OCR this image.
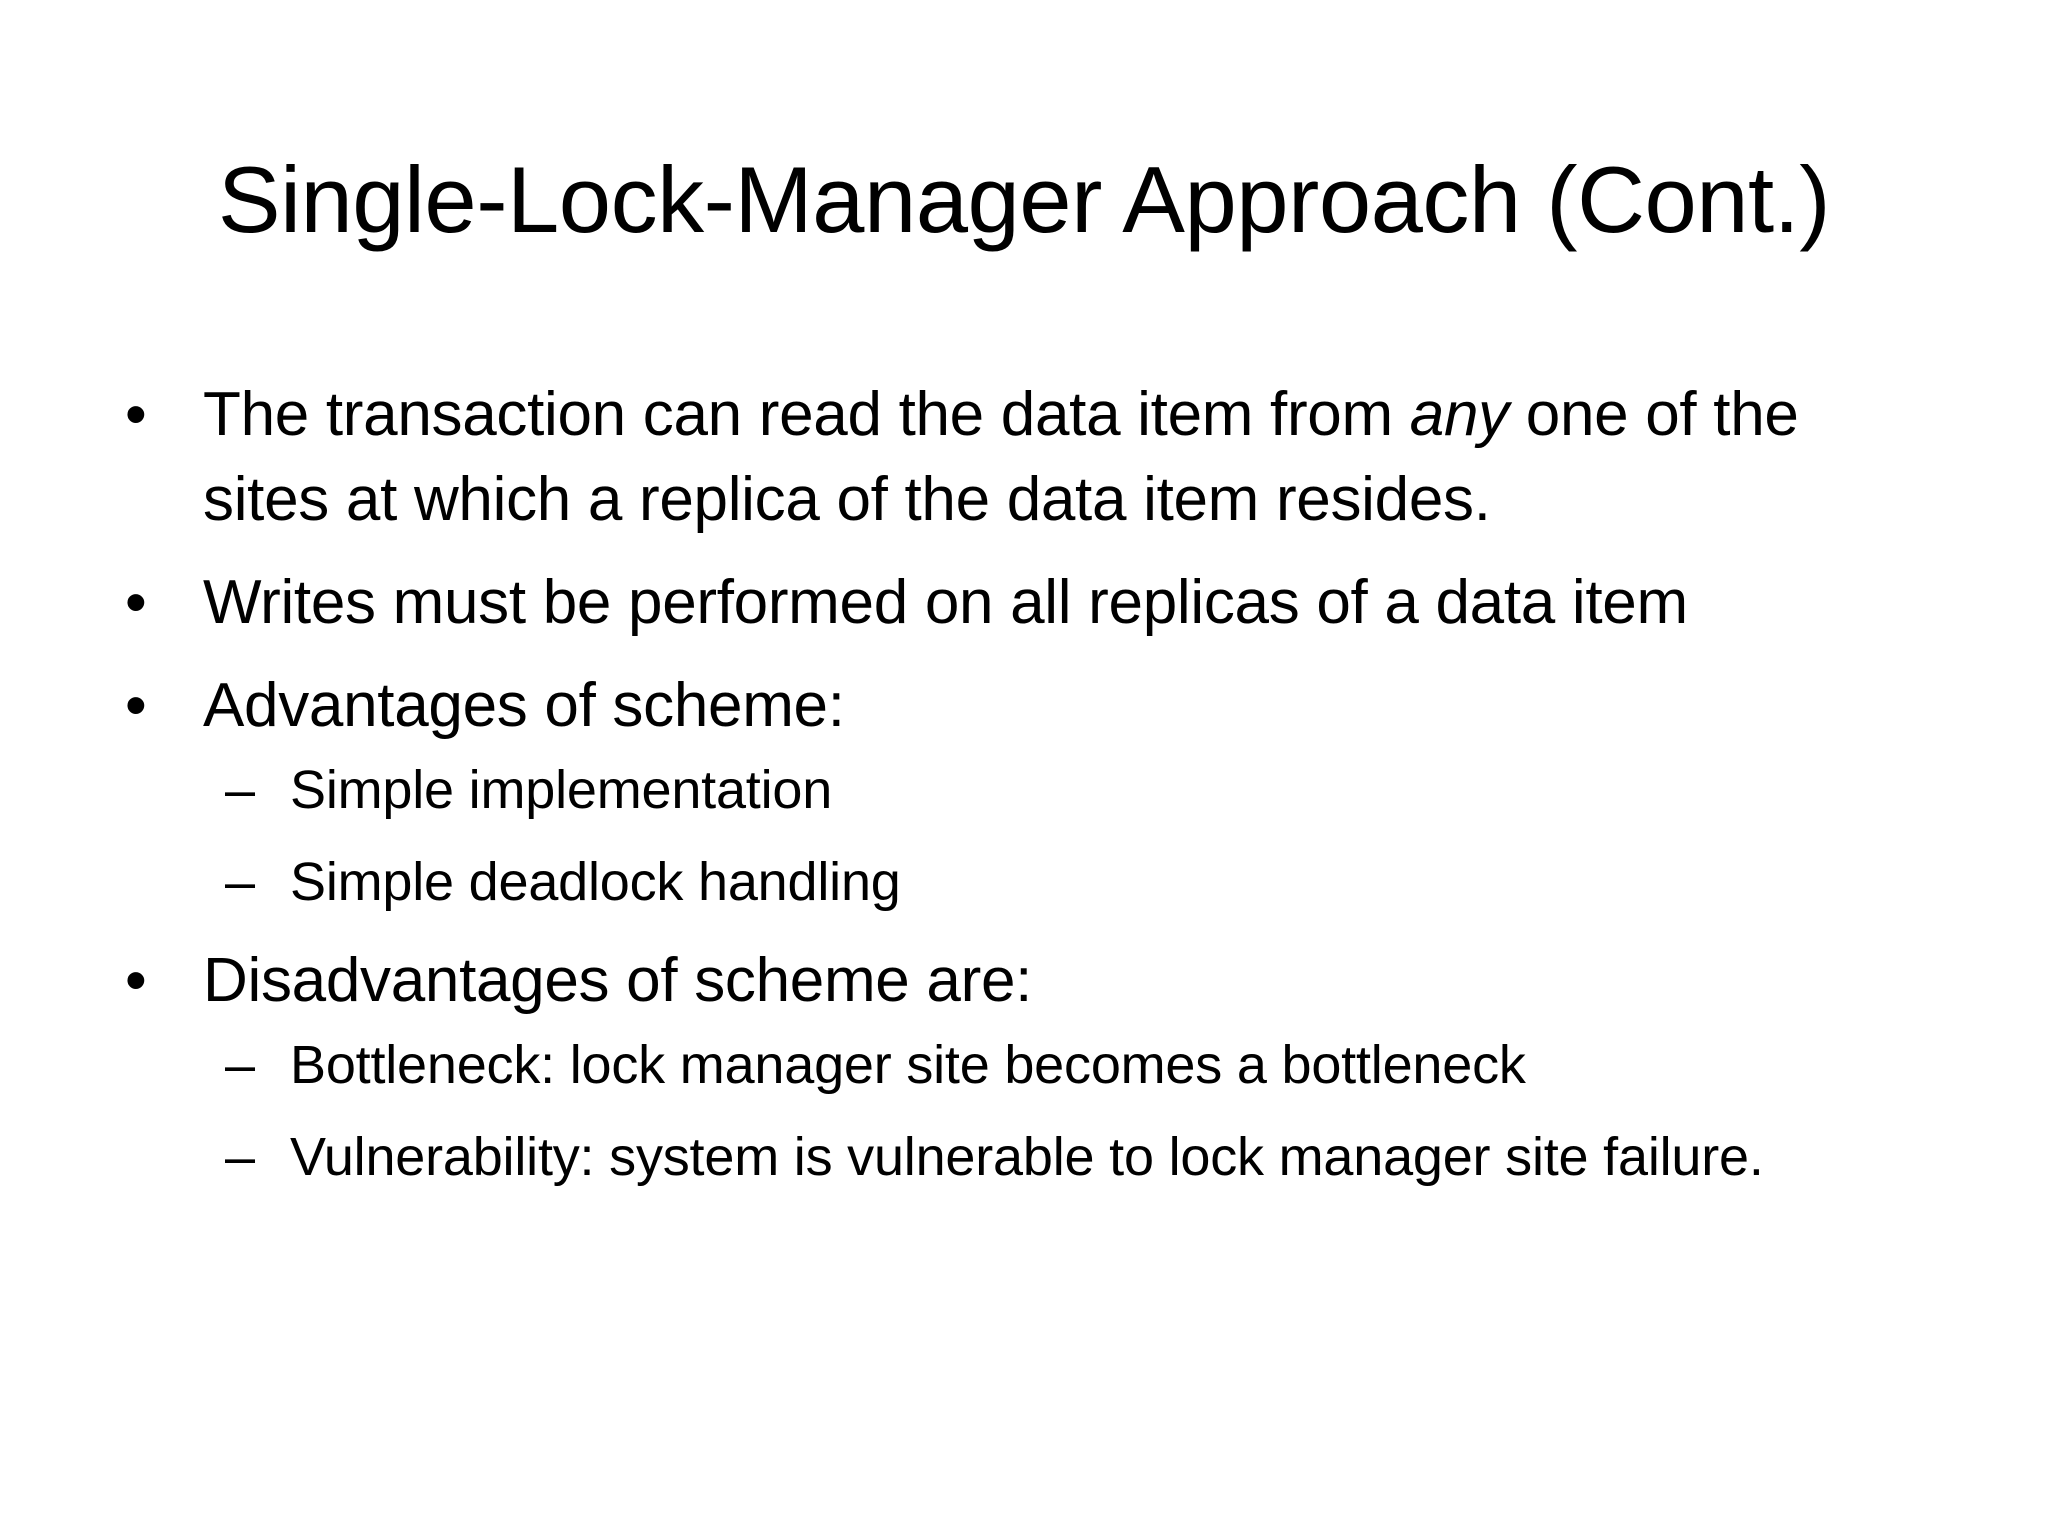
Single-Lock-Manager Approach (Cont.)
• The transaction can read the data item from any one of the sites at which a replica of the data item resides.
• Writes must be performed on all replicas of a data item
• Advantages of scheme:
– Simple implementation
– Simple deadlock handling
• Disadvantages of scheme are:
– Bottleneck: lock manager site becomes a bottleneck
– Vulnerability: system is vulnerable to lock manager site failure.
